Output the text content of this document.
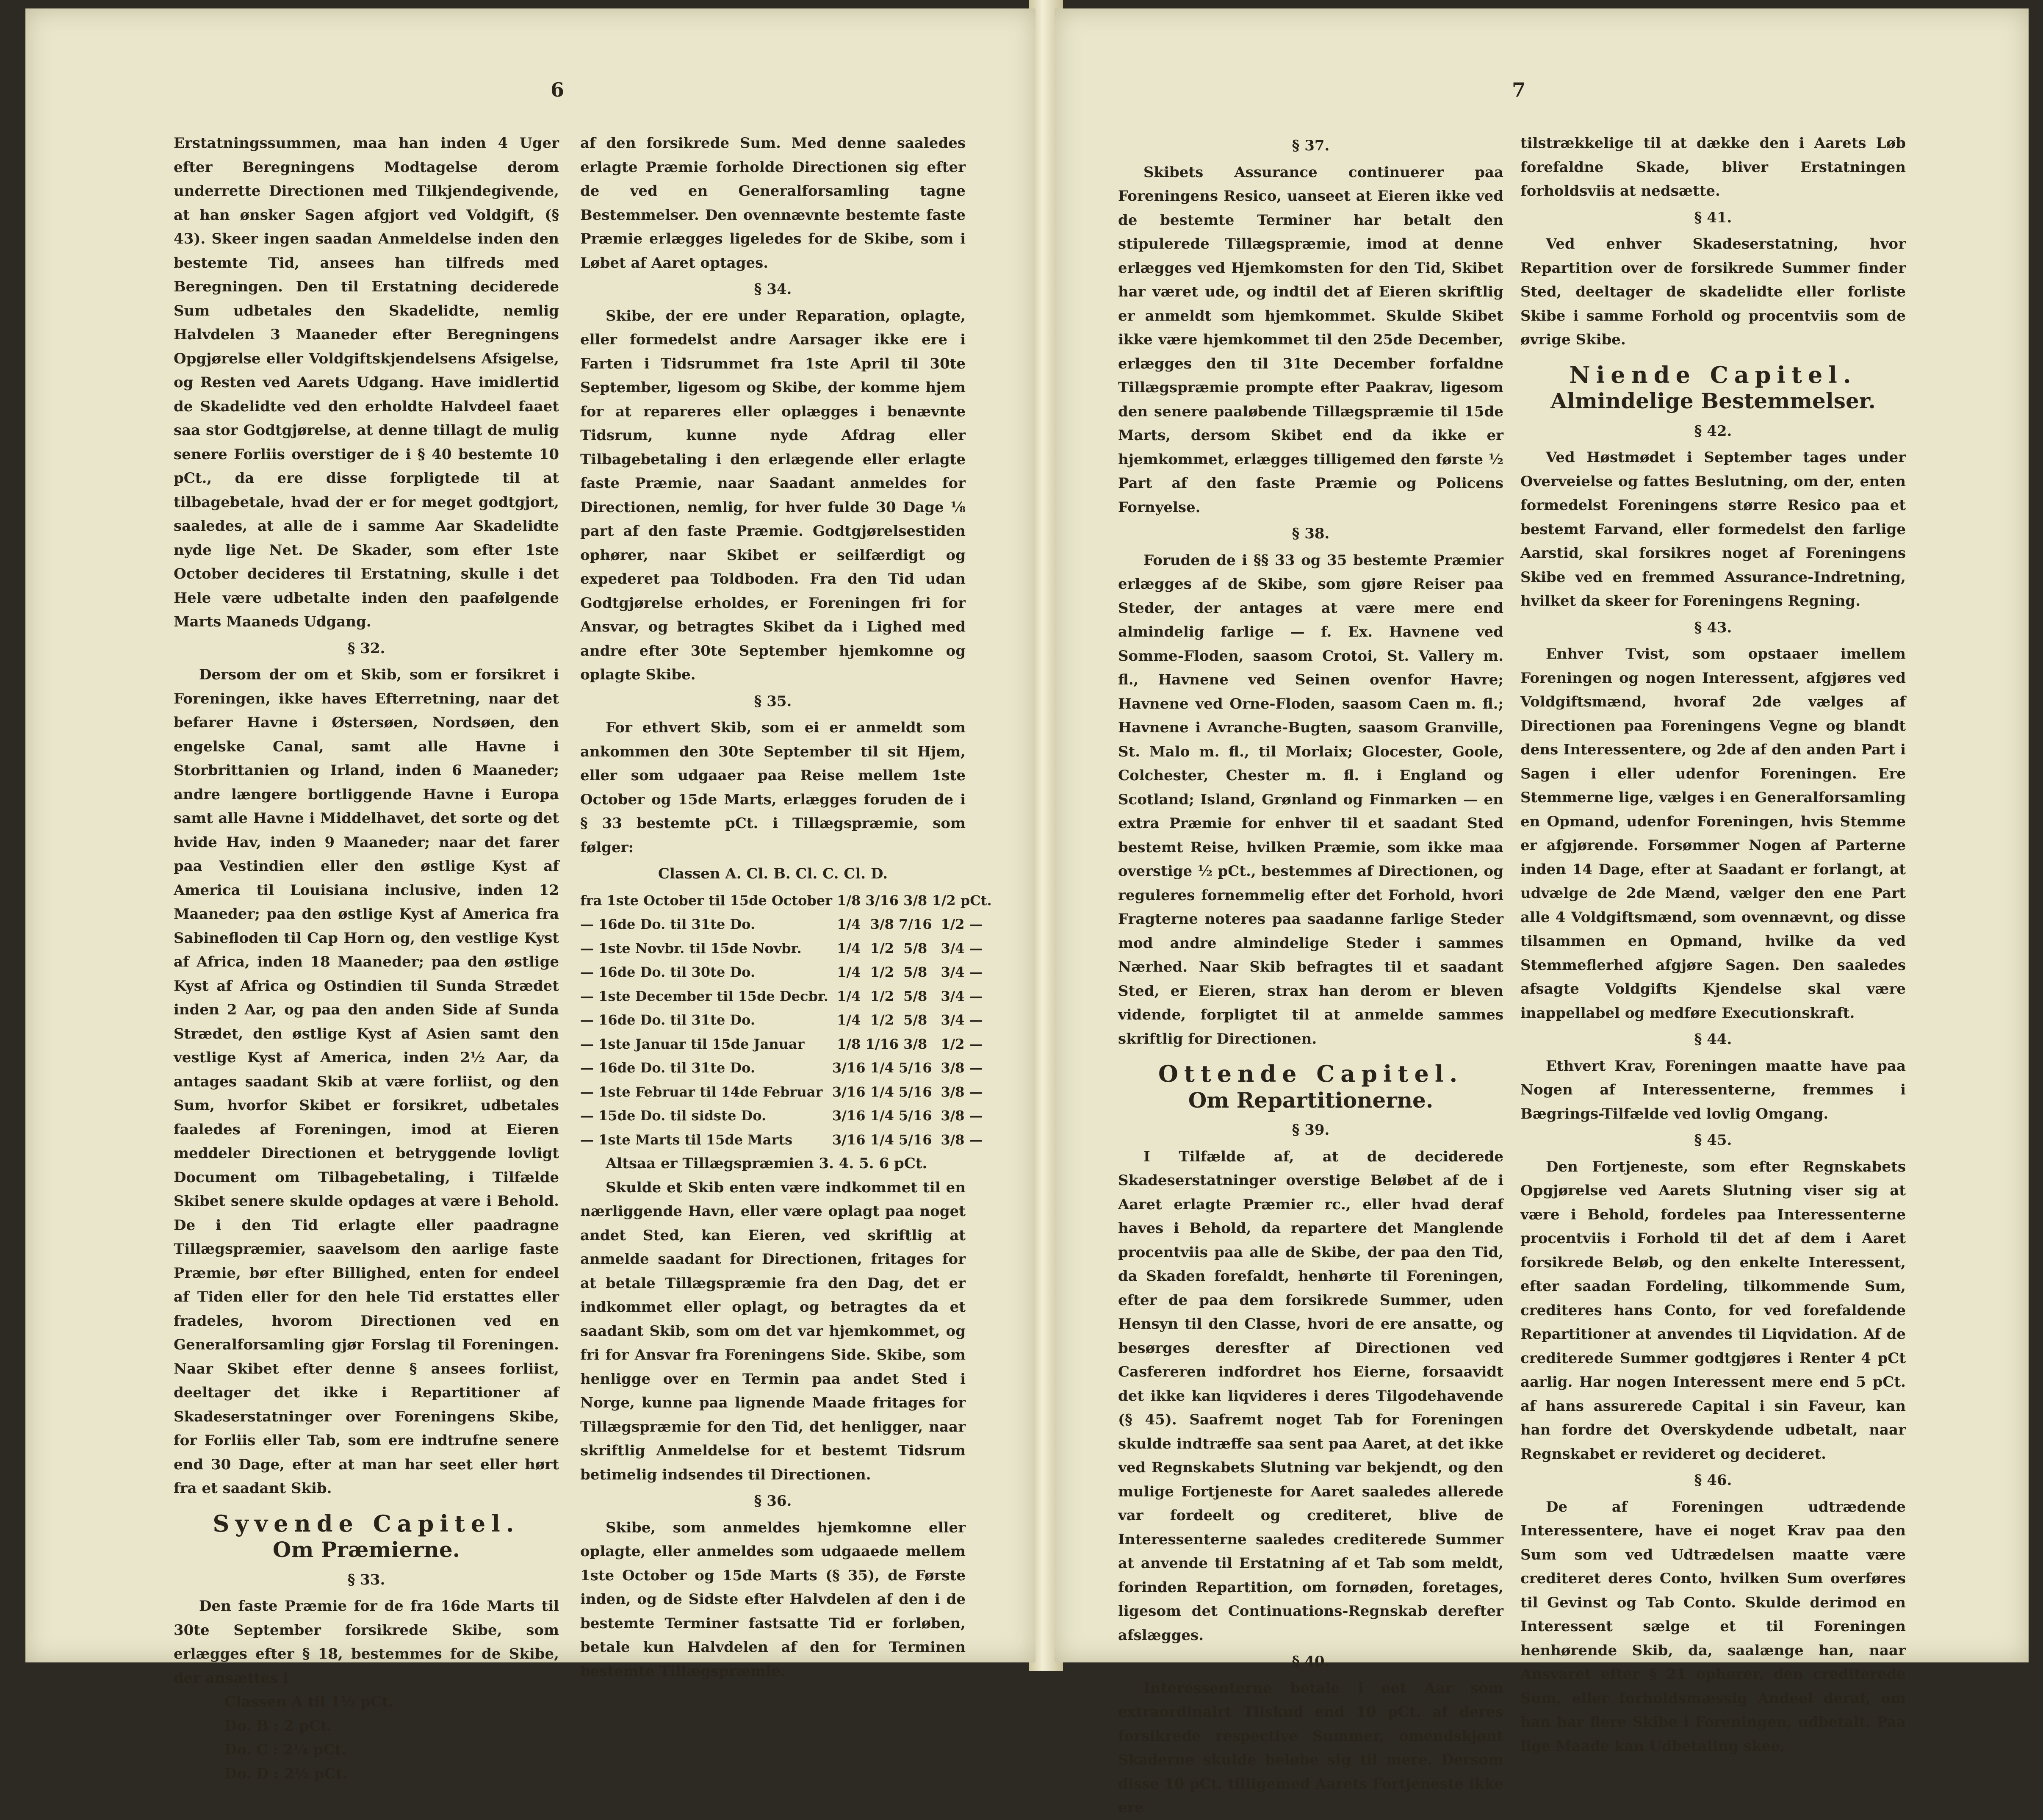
6

Erstatningssummen, maa han inden 4 Uger efter Beregningens Modtagelse derom underrette Directionen med Tilkjendegivende, at han ønsker Sagen afgjort ved Voldgift, (§ 43). Skeer ingen saadan Anmeldelse inden den bestemte Tid, ansees han tilfreds med Beregningen. Den til Erstatning deciderede Sum udbetales den Skadelidte, nemlig Halvdelen 3 Maaneder efter Beregningens Opgjørelse eller Voldgiftskjendelsens Afsigelse, og Resten ved Aarets Udgang. Have imidlertid de Skadelidte ved den erholdte Halvdeel faaet saa stor Godtgjørelse, at denne tillagt de mulig senere Forliis overstiger de i § 40 bestemte 10 pCt., da ere disse forpligtede til at tilbagebetale, hvad der er for meget godtgjort, saaledes, at alle de i samme Aar Skadelidte nyde lige Net. De Skader, som efter 1ste October decideres til Erstatning, skulle i det Hele være udbetalte inden den paafølgende Marts Maaneds Udgang.

§ 32.

Dersom der om et Skib, som er forsikret i Foreningen, ikke haves Efterretning, naar det befarer Havne i Østersøen, Nordsøen, den engelske Canal, samt alle Havne i Storbrittanien og Irland, inden 6 Maaneder; andre længere bortliggende Havne i Europa samt alle Havne i Middelhavet, det sorte og det hvide Hav, inden 9 Maaneder; naar det farer paa Vestindien eller den østlige Kyst af America til Louisiana inclusive, inden 12 Maaneder; paa den østlige Kyst af America fra Sabinefloden til Cap Horn og, den vestlige Kyst af Africa, inden 18 Maaneder; paa den østlige Kyst af Africa og Ostindien til Sunda Strædet inden 2 Aar, og paa den anden Side af Sunda Strædet, den østlige Kyst af Asien samt den vestlige Kyst af America, inden 2½ Aar, da antages saadant Skib at være forliist, og den Sum, hvorfor Skibet er forsikret, udbetales faaledes af Foreningen, imod at Eieren meddeler Directionen et betryggende lovligt Document om Tilbagebetaling, i Tilfælde Skibet senere skulde opdages at være i Behold. De i den Tid erlagte eller paadragne Tillægspræmier, saavelsom den aarlige faste Præmie, bør efter Billighed, enten for endeel af Tiden eller for den hele Tid erstattes eller fradeles, hvorom Directionen ved en Generalforsamling gjør Forslag til Foreningen. Naar Skibet efter denne § ansees forliist, deeltager det ikke i Repartitioner af Skadeserstatninger over Foreningens Skibe, for Forliis eller Tab, som ere indtrufne senere end 30 Dage, efter at man har seet eller hørt fra et saadant Skib.

Syvende Capitel.
Om Præmierne.
§ 33.

Den faste Præmie for de fra 16de Marts til 30te September forsikrede Skibe, som erlægges efter § 18, bestemmes for de Skibe, der ansættes i

Classen A til 1½ pCt.

Do. B : 2 pCt.

Do. C : 2¼ pCt.

Do. D : 2½ pCt.

af den forsikrede Sum. Med denne saaledes erlagte Præmie forholde Directionen sig efter de ved en Generalforsamling tagne Bestemmelser. Den ovennævnte bestemte faste Præmie erlægges ligeledes for de Skibe, som i Løbet af Aaret optages.

§ 34.

Skibe, der ere under Reparation, oplagte, eller formedelst andre Aarsager ikke ere i Farten i Tidsrummet fra 1ste April til 30te September, ligesom og Skibe, der komme hjem for at repareres eller oplægges i benævnte Tidsrum, kunne nyde Afdrag eller Tilbagebetaling i den erlægende eller erlagte faste Præmie, naar Saadant anmeldes for Directionen, nemlig, for hver fulde 30 Dage ⅛ part af den faste Præmie. Godtgjørelsestiden ophører, naar Skibet er seilfærdigt og expederet paa Toldboden. Fra den Tid udan Godtgjørelse erholdes, er Foreningen fri for Ansvar, og betragtes Skibet da i Lighed med andre efter 30te September hjemkomne og oplagte Skibe.

§ 35.

For ethvert Skib, som ei er anmeldt som ankommen den 30te September til sit Hjem, eller som udgaaer paa Reise mellem 1ste October og 15de Marts, erlægges foruden de i § 33 bestemte pCt. i Tillægspræmie, som følger:

Classen A. Cl. B. Cl. C. Cl. D.
fra 1ste October til 15de October	1/8	3/16	3/8	1/2 pCt.
— 16de Do. til 31te Do.	1/4	3/8	7/16	1/2 —
— 1ste Novbr. til 15de Novbr.	1/4	1/2	5/8	3/4 —
— 16de Do. til 30te Do.	1/4	1/2	5/8	3/4 —
— 1ste December til 15de Decbr.	1/4	1/2	5/8	3/4 —
— 16de Do. til 31te Do.	1/4	1/2	5/8	3/4 —
— 1ste Januar til 15de Januar	1/8	1/16	3/8	1/2 —
— 16de Do. til 31te Do.	3/16	1/4	5/16	3/8 —
— 1ste Februar til 14de Februar	3/16	1/4	5/16	3/8 —
— 15de Do. til sidste Do.	3/16	1/4	5/16	3/8 —
— 1ste Marts til 15de Marts	3/16	1/4	5/16	3/8 —

Altsaa er Tillægspræmien 3. 4. 5. 6 pCt.

Skulde et Skib enten være indkommet til en nærliggende Havn, eller være oplagt paa noget andet Sted, kan Eieren, ved skriftlig at anmelde saadant for Directionen, fritages for at betale Tillægspræmie fra den Dag, det er indkommet eller oplagt, og betragtes da et saadant Skib, som om det var hjemkommet, og fri for Ansvar fra Foreningens Side. Skibe, som henligge over en Termin paa andet Sted i Norge, kunne paa lignende Maade fritages for Tillægspræmie for den Tid, det henligger, naar skriftlig Anmeldelse for et bestemt Tidsrum betimelig indsendes til Directionen.

§ 36.

Skibe, som anmeldes hjemkomne eller oplagte, eller anmeldes som udgaaede mellem 1ste October og 15de Marts (§ 35), de Første inden, og de Sidste efter Halvdelen af den i de bestemte Terminer fastsatte Tid er forløben, betale kun Halvdelen af den for Terminen bestemte Tillægspræmie.

7
§ 37.

Skibets Assurance continuerer paa Foreningens Resico, uanseet at Eieren ikke ved de bestemte Terminer har betalt den stipulerede Tillægspræmie, imod at denne erlægges ved Hjemkomsten for den Tid, Skibet har været ude, og indtil det af Eieren skriftlig er anmeldt som hjemkommet. Skulde Skibet ikke være hjemkommet til den 25de December, erlægges den til 31te December forfaldne Tillægspræmie prompte efter Paakrav, ligesom den senere paaløbende Tillægspræmie til 15de Marts, dersom Skibet end da ikke er hjemkommet, erlægges tilligemed den første ½ Part af den faste Præmie og Policens Fornyelse.

§ 38.

Foruden de i §§ 33 og 35 bestemte Præmier erlægges af de Skibe, som gjøre Reiser paa Steder, der antages at være mere end almindelig farlige — f. Ex. Havnene ved Somme-Floden, saasom Crotoi, St. Vallery m. fl., Havnene ved Seinen ovenfor Havre; Havnene ved Orne-Floden, saasom Caen m. fl.; Havnene i Avranche-Bugten, saasom Granville, St. Malo m. fl., til Morlaix; Glocester, Goole, Colchester, Chester m. fl. i England og Scotland; Island, Grønland og Finmarken — en extra Præmie for enhver til et saadant Sted bestemt Reise, hvilken Præmie, som ikke maa overstige ½ pCt., bestemmes af Directionen, og reguleres fornemmelig efter det Forhold, hvori Fragterne noteres paa saadanne farlige Steder mod andre almindelige Steder i sammes Nærhed. Naar Skib befragtes til et saadant Sted, er Eieren, strax han derom er bleven vidende, forpligtet til at anmelde sammes skriftlig for Directionen.

Ottende Capitel.
Om Repartitionerne.
§ 39.

I Tilfælde af, at de deciderede Skadeserstatninger overstige Beløbet af de i Aaret erlagte Præmier rc., eller hvad deraf haves i Behold, da repartere det Manglende procentviis paa alle de Skibe, der paa den Tid, da Skaden forefaldt, henhørte til Foreningen, efter de paa dem forsikrede Summer, uden Hensyn til den Classe, hvori de ere ansatte, og besørges deresfter af Directionen ved Casfereren indfordret hos Eierne, forsaavidt det ikke kan liqvideres i deres Tilgodehavende (§ 45). Saafremt noget Tab for Foreningen skulde indtræffe saa sent paa Aaret, at det ikke ved Regnskabets Slutning var bekjendt, og den mulige Fortjeneste for Aaret saaledes allerede var fordeelt og crediteret, blive de Interessenterne saaledes crediterede Summer at anvende til Erstatning af et Tab som meldt, forinden Repartition, om fornøden, foretages, ligesom det Continuations-Regnskab derefter afslægges.

§ 40.

Interessenterne betale i eet Aar som extraordinairt Tilskud end 10 pCt. af deres forsikrede respective Summer, omendskjønt Skaderne skulde beløbe sig til mere. Dersom disse 10 pCt. tilligemed Aarets Fortjeneste ikke ere

tilstrækkelige til at dække den i Aarets Løb forefaldne Skade, bliver Erstatningen forholdsviis at nedsætte.

§ 41.

Ved enhver Skadeserstatning, hvor Repartition over de forsikrede Summer finder Sted, deeltager de skadelidte eller forliste Skibe i samme Forhold og procentviis som de øvrige Skibe.

Niende Capitel.
Almindelige Bestemmelser.
§ 42.

Ved Høstmødet i September tages under Overveielse og fattes Beslutning, om der, enten formedelst Foreningens større Resico paa et bestemt Farvand, eller formedelst den farlige Aarstid, skal forsikres noget af Foreningens Skibe ved en fremmed Assurance-Indretning, hvilket da skeer for Foreningens Regning.

§ 43.

Enhver Tvist, som opstaaer imellem Foreningen og nogen Interessent, afgjøres ved Voldgiftsmænd, hvoraf 2de vælges af Directionen paa Foreningens Vegne og blandt dens Interessentere, og 2de af den anden Part i Sagen i eller udenfor Foreningen. Ere Stemmerne lige, vælges i en Generalforsamling en Opmand, udenfor Foreningen, hvis Stemme er afgjørende. Forsømmer Nogen af Parterne inden 14 Dage, efter at Saadant er forlangt, at udvælge de 2de Mænd, vælger den ene Part alle 4 Voldgiftsmænd, som ovennævnt, og disse tilsammen en Opmand, hvilke da ved Stemmeflerhed afgjøre Sagen. Den saaledes afsagte Voldgifts Kjendelse skal være inappellabel og medføre Executionskraft.

§ 44.

Ethvert Krav, Foreningen maatte have paa Nogen af Interessenterne, fremmes i Bægrings-Tilfælde ved lovlig Omgang.

§ 45.

Den Fortjeneste, som efter Regnskabets Opgjørelse ved Aarets Slutning viser sig at være i Behold, fordeles paa Interessenterne procentviis i Forhold til det af dem i Aaret forsikrede Beløb, og den enkelte Interessent, efter saadan Fordeling, tilkommende Sum, crediteres hans Conto, for ved forefaldende Repartitioner at anvendes til Liqvidation. Af de crediterede Summer godtgjøres i Renter 4 pCt aarlig. Har nogen Interessent mere end 5 pCt. af hans assurerede Capital i sin Faveur, kan han fordre det Overskydende udbetalt, naar Regnskabet er revideret og decideret.

§ 46.

De af Foreningen udtrædende Interessentere, have ei noget Krav paa den Sum som ved Udtrædelsen maatte være crediteret deres Conto, hvilken Sum overføres til Gevinst og Tab Conto. Skulde derimod en Interessent sælge et til Foreningen henhørende Skib, da, saalænge han, naar Ansvaret efter § 21 ophører, den crediterede Sum, eller forholdsmæssig Andeel deraf, om han har flere Skibe i Foreningen, udbetalt. Paa lige Maade kan Udbetaling skee,
